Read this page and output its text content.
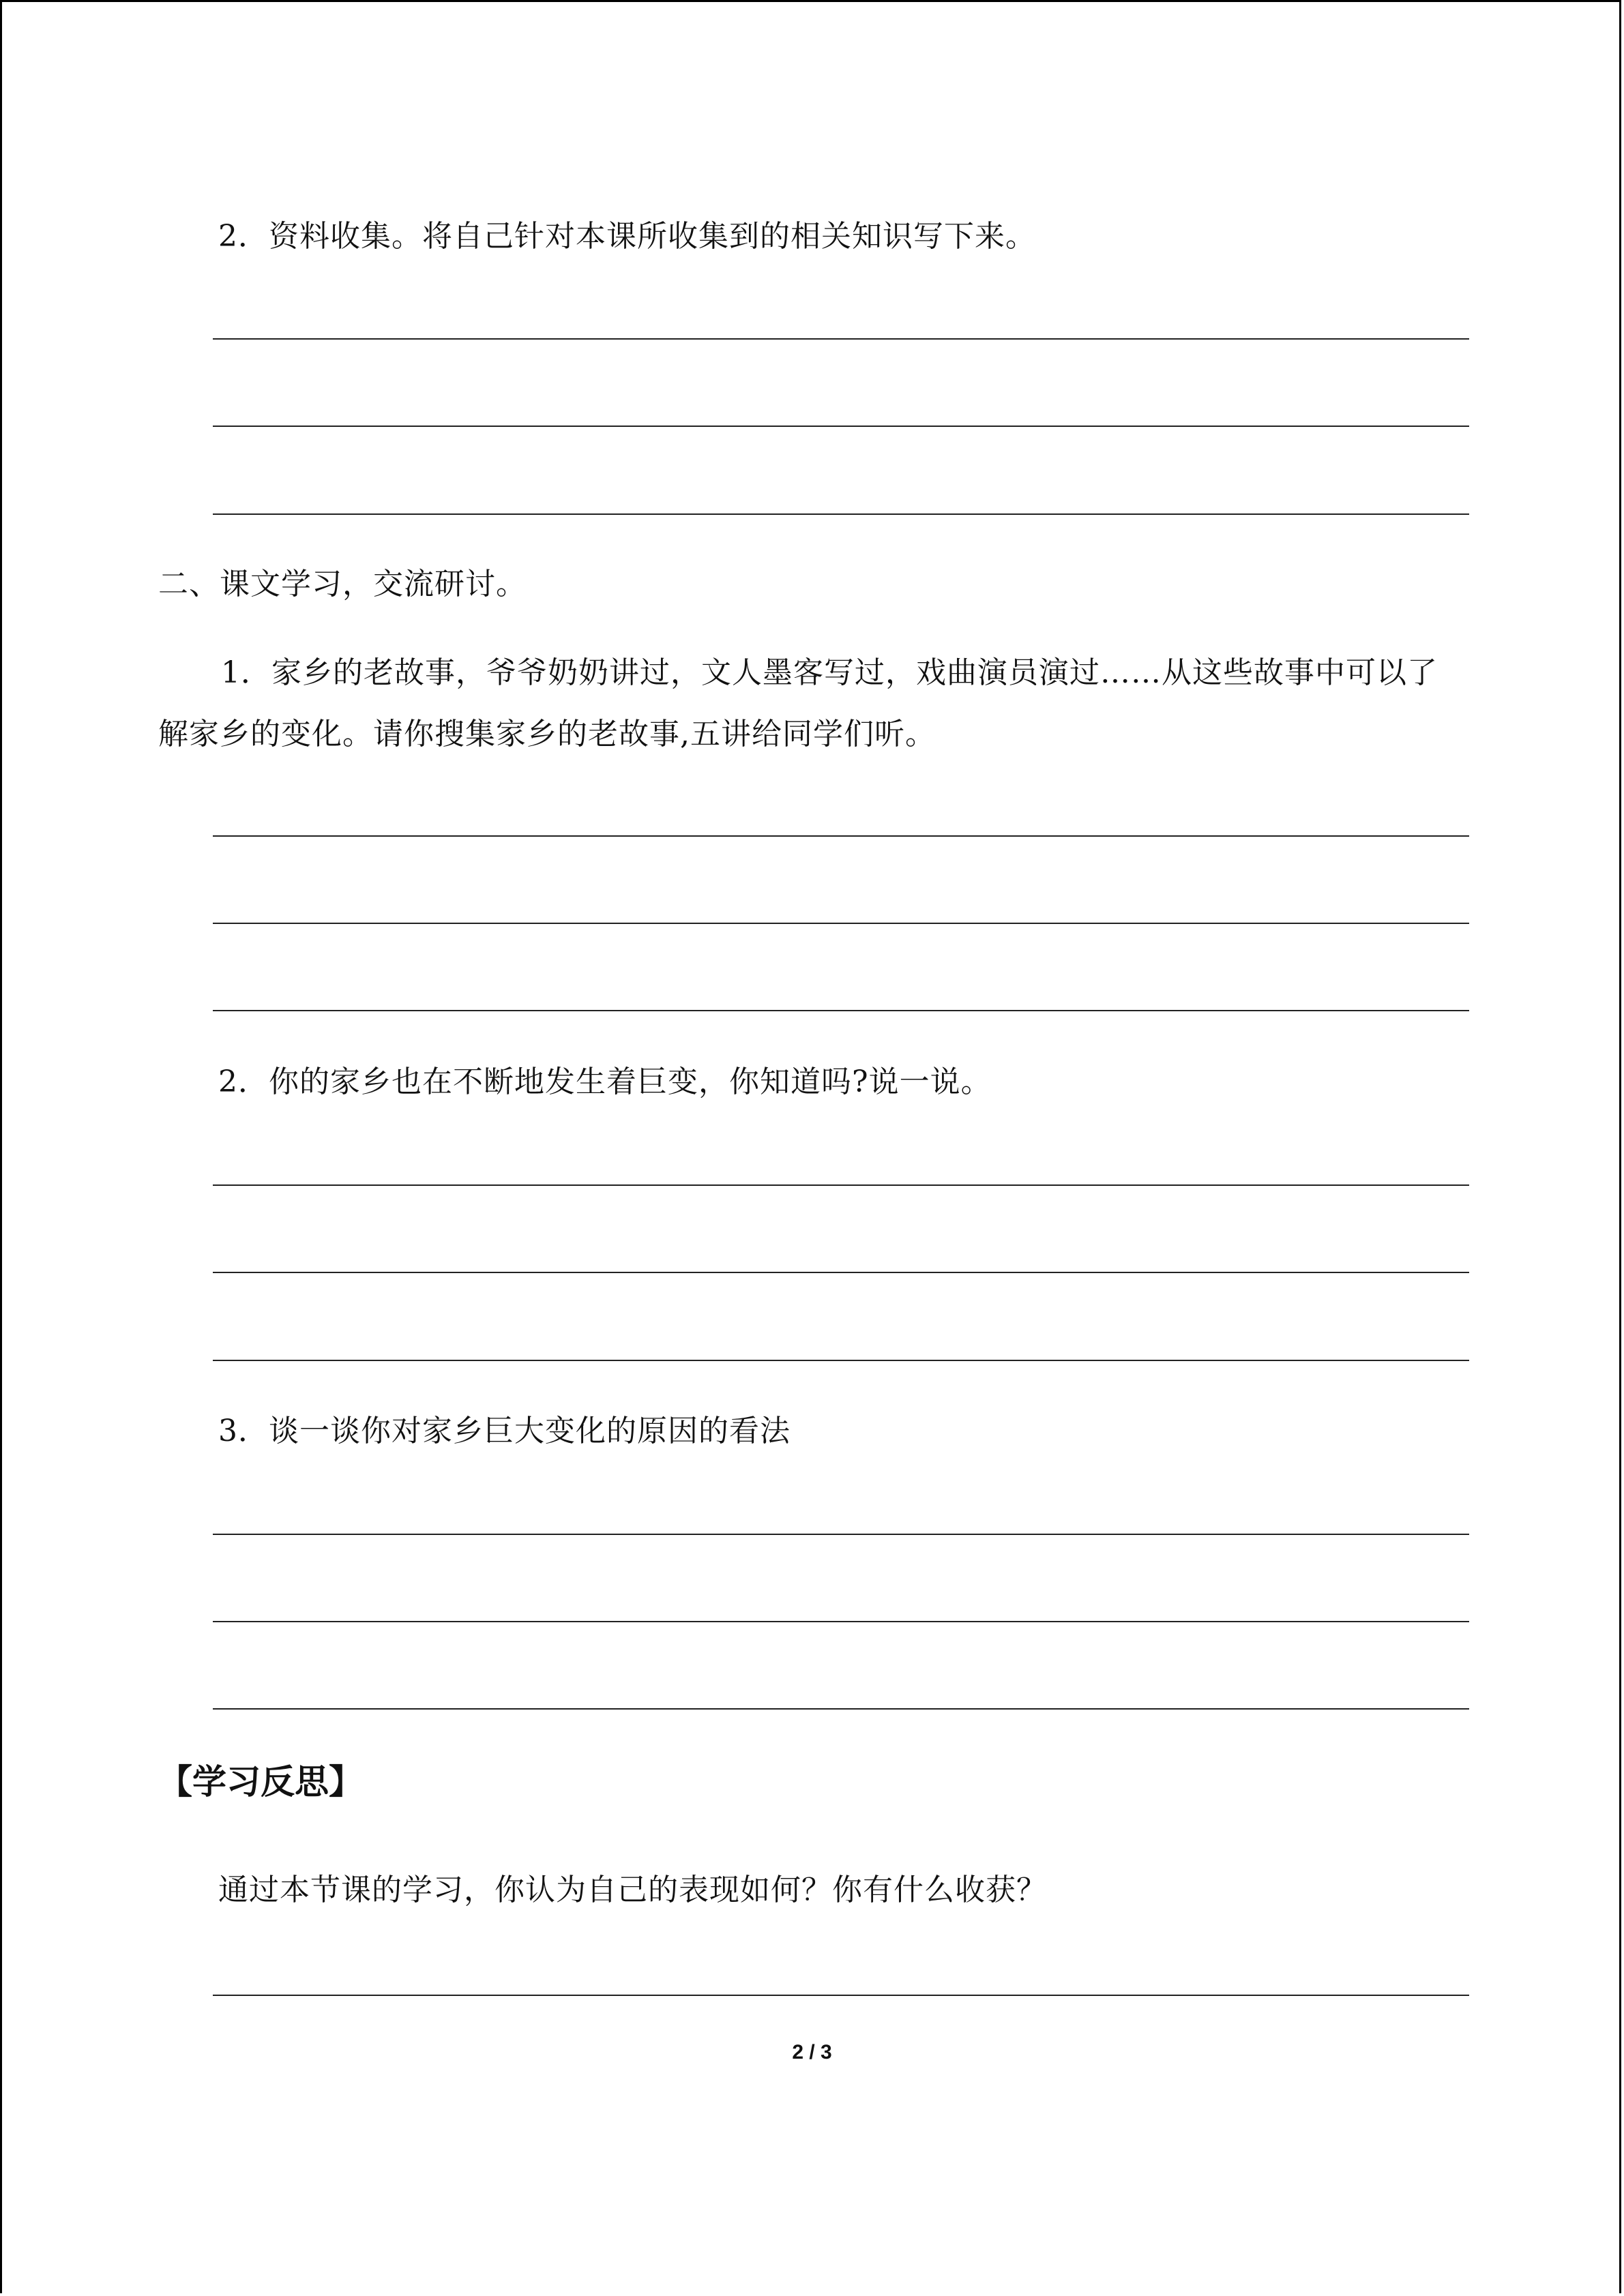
2．资料收集。将自己针对本课所收集到的相关知识写下来。
二、课文学习，交流研讨。
1．家乡的老故事，爷爷奶奶讲过，文人墨客写过，戏曲演员演过……从这些故事中可以了解家乡的变化。请你搜集家乡的老故事,五讲给同学们听。
2．你的家乡也在不断地发生着巨变，你知道吗?说一说。
3．谈一谈你对家乡巨大变化的原因的看法
【学习反思】
通过本节课的学习，你认为自己的表现如何？你有什么收获？
2 / 3
